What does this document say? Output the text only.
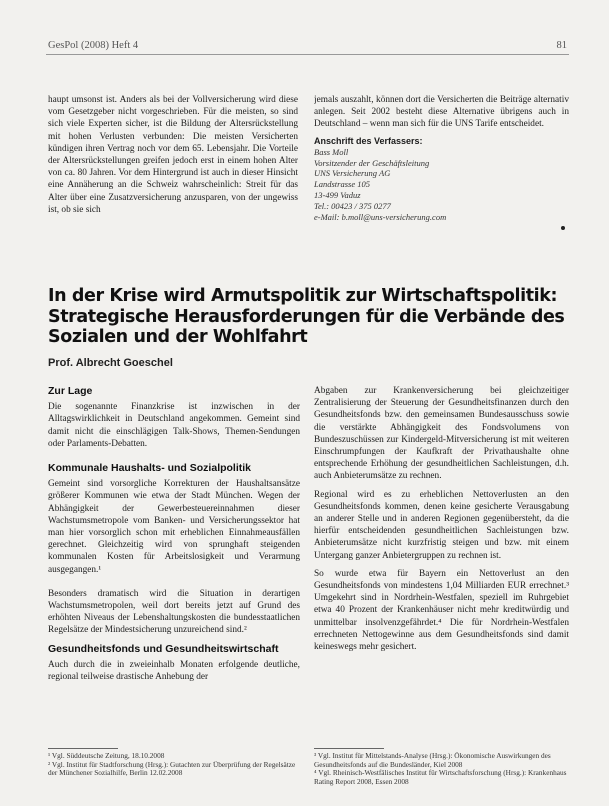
GesPol (2008) Heft 4	81

haupt umsonst ist. Anders als bei der Vollversicherung wird diese vom Gesetzgeber nicht vorgeschrieben. Für die meisten, so sind sich viele Experten sicher, ist die Bildung der Altersrückstellung mit hohen Verlusten verbunden: Die meisten Versicherten kündigen ihren Vertrag noch vor dem 65. Lebensjahr. Die Vorteile der Altersrückstellungen greifen jedoch erst in einem hohen Alter von ca. 80 Jahren. Vor dem Hintergrund ist auch in dieser Hinsicht eine Annäherung an die Schweiz wahrscheinlich: Streit für das Alter über eine Zusatzversicherung anzusparen, von der ungewiss ist, ob sie sich

jemals auszahlt, können dort die Versicherten die Beiträge alternativ anlegen. Seit 2002 besteht diese Alternative übrigens auch in Deutschland – wenn man sich für die UNS Tarife entscheidet.

Anschrift des Verfassers:
Bass Moll
Vorsitzender der Geschäftsleitung
UNS Versicherung AG
Landstrasse 105
13-499 Vaduz
Tel.: 00423 / 375 0277
e-Mail: b.moll@uns-versicherung.com
In der Krise wird Armutspolitik zur Wirtschaftspolitik: Strategische Herausforderungen für die Verbände des Sozialen und der Wohlfahrt
Prof. Albrecht Goeschel
Zur Lage

Die sogenannte Finanzkrise ist inzwischen in der Alltagswirklichkeit in Deutschland angekommen. Gemeint sind damit nicht die einschlägigen Talk-Shows, Themen-Sendungen oder Parlaments-Debatten.

Kommunale Haushalts- und Sozialpolitik

Gemeint sind vorsorgliche Korrekturen der Haushaltsansätze größerer Kommunen wie etwa der Stadt München. Wegen der Abhängigkeit der Gewerbesteuereinnahmen dieser Wachstumsmetropole vom Banken- und Versicherungssektor hat man hier vorsorglich schon mit erheblichen Einnahmeausfällen gerechnet. Gleichzeitig wird von sprunghaft steigenden kommunalen Kosten für Arbeitslosigkeit und Verarmung ausgegangen.¹

Besonders dramatisch wird die Situation in derartigen Wachstumsmetropolen, weil dort bereits jetzt auf Grund des erhöhten Niveaus der Lebenshaltungskosten die bundesstaatlichen Regelsätze der Mindestsicherung unzureichend sind.²

Gesundheitsfonds und Gesundheitswirtschaft

Auch durch die in zweieinhalb Monaten erfolgende deutliche, regional teilweise drastische Anhebung der

Abgaben zur Krankenversicherung bei gleichzeitiger Zentralisierung der Steuerung der Gesundheitsfinanzen durch den Gesundheitsfonds bzw. den gemeinsamen Bundesausschuss sowie die verstärkte Abhängigkeit des Fondsvolumens von Bundeszuschüssen zur Kindergeld-Mitversicherung ist mit weiteren Einschrumpfungen der Kaufkraft der Privathaushalte ohne entsprechende Erhöhung der gesundheitlichen Sachleistungen, d.h. auch Anbieterumsätze zu rechnen.

Regional wird es zu erheblichen Nettoverlusten an den Gesundheitsfonds kommen, denen keine gesicherte Verausgabung an anderer Stelle und in anderen Regionen gegenübersteht, da die hierfür entscheidenden gesundheitlichen Sachleistungen bzw. Anbieterumsätze nicht kurzfristig steigen und bzw. mit einem Untergang ganzer Anbietergruppen zu rechnen ist.

So wurde etwa für Bayern ein Nettoverlust an den Gesundheitsfonds von mindestens 1,04 Milliarden EUR errechnet.³ Umgekehrt sind in Nordrhein-Westfalen, speziell im Ruhrgebiet etwa 40 Prozent der Krankenhäuser nicht mehr kreditwürdig und unmittelbar insolvenzgefährdet.⁴ Die für Nordrhein-Westfalen errechneten Nettogewinne aus dem Gesundheitsfonds sind damit keineswegs mehr gesichert.

¹ Vgl. Süddeutsche Zeitung, 18.10.2008

² Vgl. Institut für Stadtforschung (Hrsg.): Gutachten zur Überprüfung der Regelsätze der Münchener Sozialhilfe, Berlin 12.02.2008

³ Vgl. Institut für Mittelstands-Analyse (Hrsg.): Ökonomische Auswirkungen des Gesundheitsfonds auf die Bundesländer, Kiel 2008

⁴ Vgl. Rheinisch-Westfälisches Institut für Wirtschaftsforschung (Hrsg.): Krankenhaus Rating Report 2008, Essen 2008
